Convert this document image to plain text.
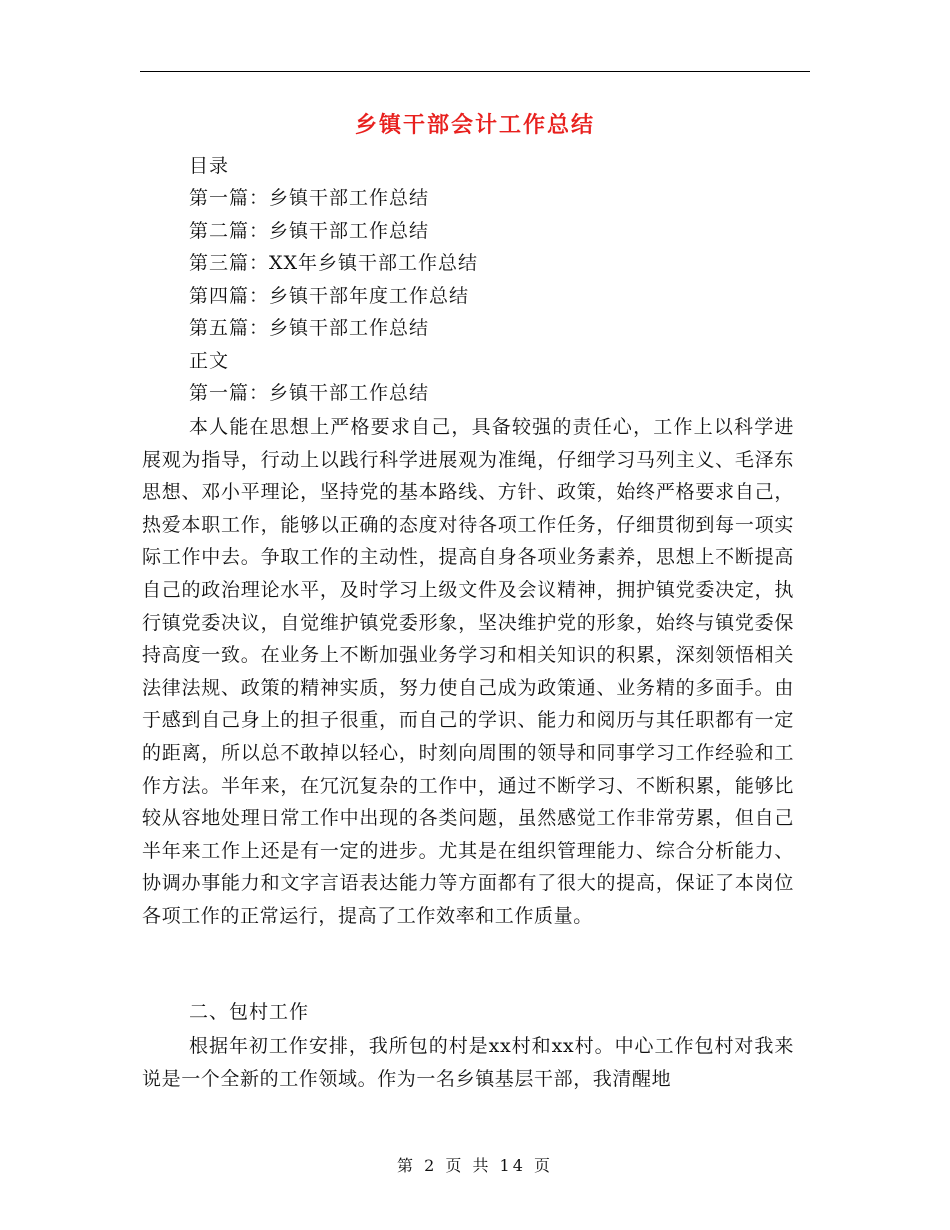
乡镇干部会计工作总结
目录
第一篇：乡镇干部工作总结
第二篇：乡镇干部工作总结
第三篇：XX年乡镇干部工作总结
第四篇：乡镇干部年度工作总结
第五篇：乡镇干部工作总结
正文
第一篇：乡镇干部工作总结
本人能在思想上严格要求自己，具备较强的责任心，工作上以科学进展观为指导，行动上以践行科学进展观为准绳，仔细学习马列主义、毛泽东思想、邓小平理论，坚持党的基本路线、方针、政策，始终严格要求自己，热爱本职工作，能够以正确的态度对待各项工作任务，仔细贯彻到每一项实际工作中去。争取工作的主动性，提高自身各项业务素养，思想上不断提高自己的政治理论水平，及时学习上级文件及会议精神，拥护镇党委决定，执行镇党委决议，自觉维护镇党委形象，坚决维护党的形象，始终与镇党委保持高度一致。在业务上不断加强业务学习和相关知识的积累，深刻领悟相关法律法规、政策的精神实质，努力使自己成为政策通、业务精的多面手。由于感到自己身上的担子很重，而自己的学识、能力和阅历与其任职都有一定的距离，所以总不敢掉以轻心，时刻向周围的领导和同事学习工作经验和工作方法。半年来，在冗沉复杂的工作中，通过不断学习、不断积累，能够比较从容地处理日常工作中出现的各类问题，虽然感觉工作非常劳累，但自己半年来工作上还是有一定的进步。尤其是在组织管理能力、综合分析能力、协调办事能力和文字言语表达能力等方面都有了很大的提高，保证了本岗位各项工作的正常运行，提高了工作效率和工作质量。
二、包村工作
根据年初工作安排，我所包的村是xx村和xx村。中心工作包村对我来说是一个全新的工作领域。作为一名乡镇基层干部，我清醒地
第 2 页 共 14 页
